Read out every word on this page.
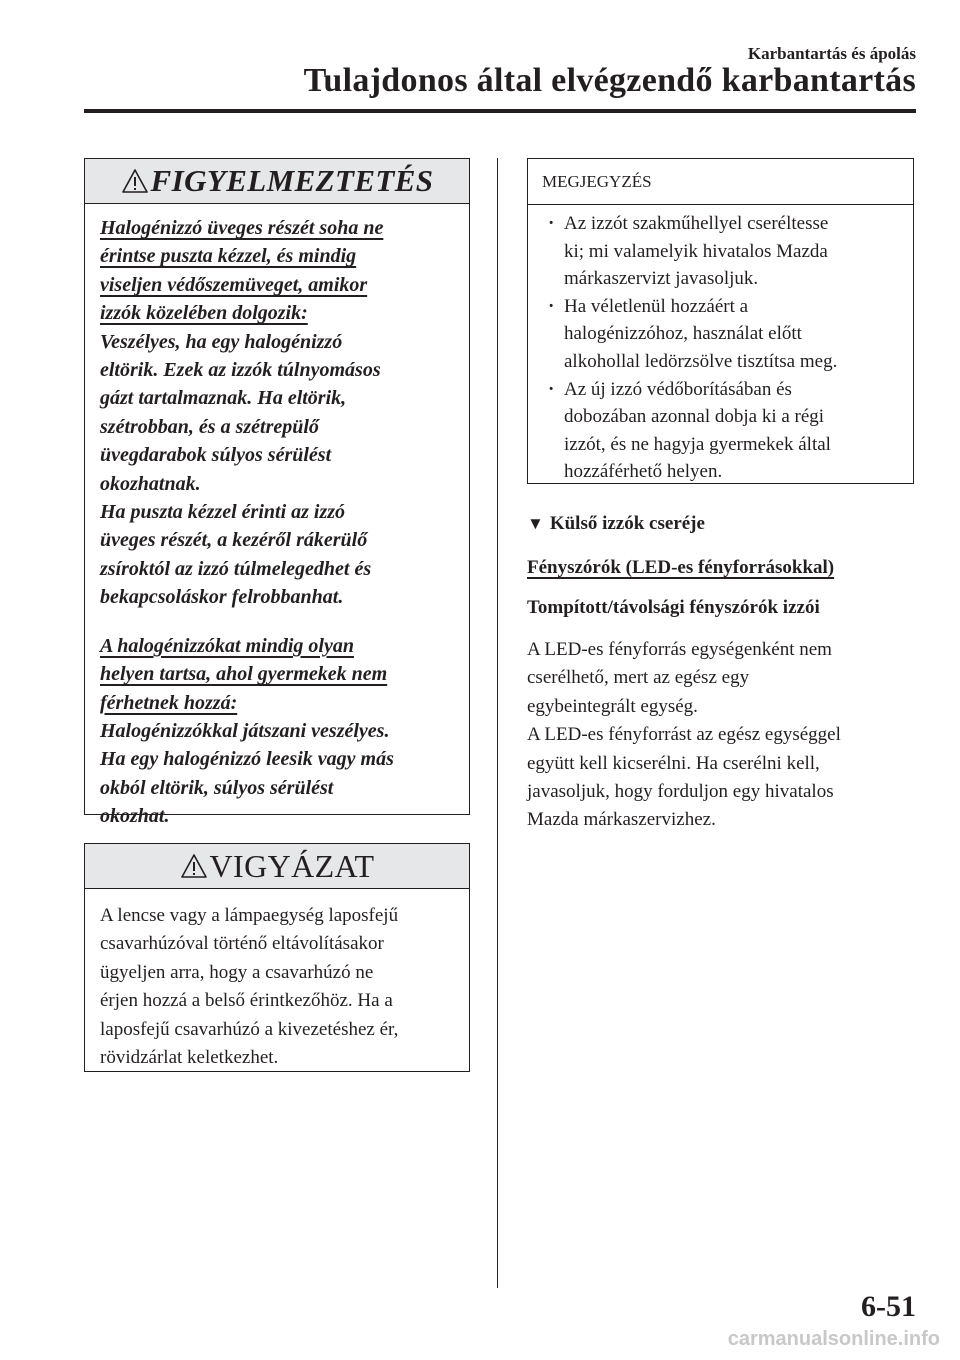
Karbantartás és ápolás
Tulajdonos által elvégzendő karbantartás
FIGYELMEZTETÉS
Halogénizzó üveges részét soha ne
érintse puszta kézzel, és mindig
viseljen védőszemüveget, amikor
izzók közelében dolgozik:
Veszélyes, ha egy halogénizzó
eltörik. Ezek az izzók túlnyomásos
gázt tartalmaznak. Ha eltörik,
szétrobban, és a szétrepülő
üvegdarabok súlyos sérülést
okozhatnak.
Ha puszta kézzel érinti az izzó
üveges részét, a kezéről rákerülő
zsíroktól az izzó túlmelegedhet és
bekapcsoláskor felrobbanhat.
A halogénizzókat mindig olyan
helyen tartsa, ahol gyermekek nem
férhetnek hozzá:
Halogénizzókkal játszani veszélyes.
Ha egy halogénizzó leesik vagy más
okból eltörik, súlyos sérülést
okozhat.
VIGYÁZAT
A lencse vagy a lámpaegység laposfejű
csavarhúzóval történő eltávolításakor
ügyeljen arra, hogy a csavarhúzó ne
érjen hozzá a belső érintkezőhöz. Ha a
laposfejű csavarhúzó a kivezetéshez ér,
rövidzárlat keletkezhet.
MEGJEGYZÉS
· Az izzót szakműhellyel cseréltesse
ki; mi valamelyik hivatalos Mazda
márkaszervizt javasoljuk.
· Ha véletlenül hozzáért a
halogénizzóhoz, használat előtt
alkohollal ledörzsölve tisztítsa meg.
· Az új izzó védőborításában és
dobozában azonnal dobja ki a régi
izzót, és ne hagyja gyermekek által
hozzáférhető helyen.
▼ Külső izzók cseréje
Fényszórók (LED-es fényforrásokkal)
Tompított/távolsági fényszórók izzói
A LED-es fényforrás egységenként nem
cserélhető, mert az egész egy
egybeintegrált egység.
A LED-es fényforrást az egész egységgel
együtt kell kicserélni. Ha cserélni kell,
javasoljuk, hogy forduljon egy hivatalos
Mazda márkaszervizhez.
6-51
carmanualsonline.info
